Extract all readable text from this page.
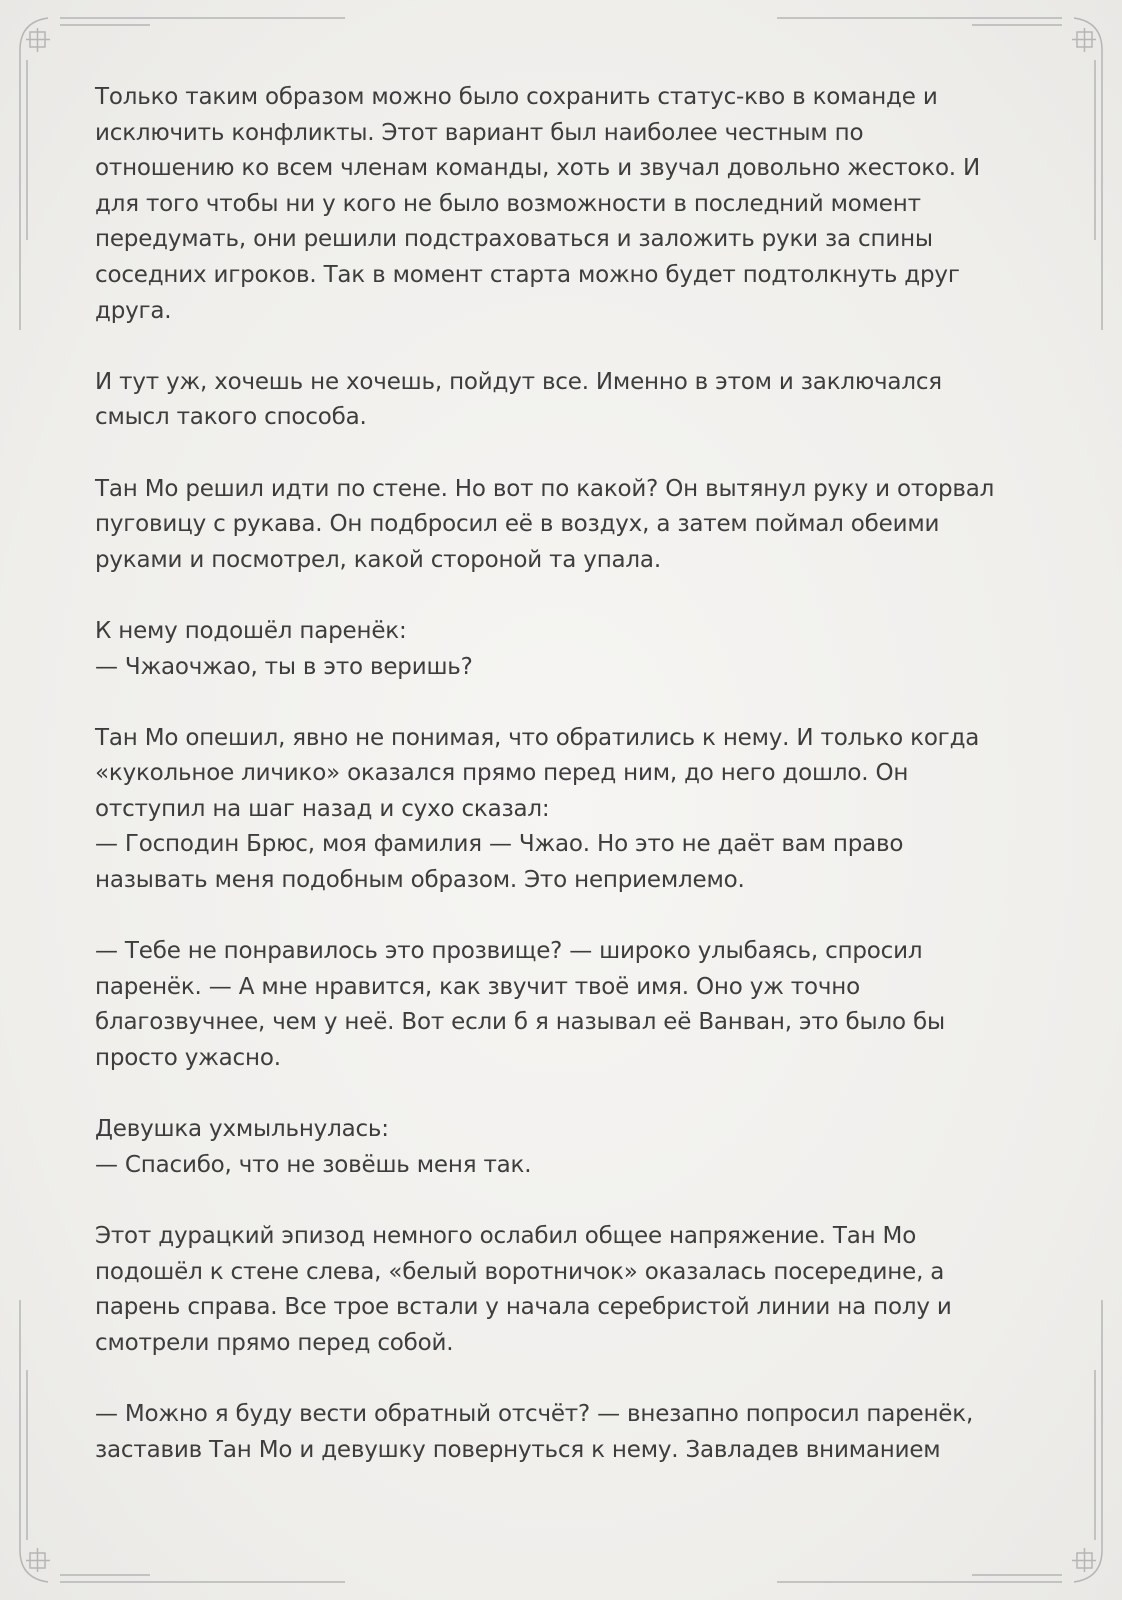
Только таким образом можно было сохранить статус-кво в команде и
исключить конфликты. Этот вариант был наиболее честным по
отношению ко всем членам команды, хоть и звучал довольно жестоко. И
для того чтобы ни у кого не было возможности в последний момент
передумать, они решили подстраховаться и заложить руки за спины
соседних игроков. Так в момент старта можно будет подтолкнуть друг
друга.
И тут уж, хочешь не хочешь, пойдут все. Именно в этом и заключался
смысл такого способа.
Тан Мо решил идти по стене. Но вот по какой? Он вытянул руку и оторвал
пуговицу с рукава. Он подбросил её в воздух, а затем поймал обеими
руками и посмотрел, какой стороной та упала.
К нему подошёл паренёк:
— Чжаочжао, ты в это веришь?
Тан Мо опешил, явно не понимая, что обратились к нему. И только когда
«кукольное личико» оказался прямо перед ним, до него дошло. Он
отступил на шаг назад и сухо сказал:
— Господин Брюс, моя фамилия — Чжао. Но это не даёт вам право
называть меня подобным образом. Это неприемлемо.
— Тебе не понравилось это прозвище? — широко улыбаясь, спросил
паренёк. — А мне нравится, как звучит твоё имя. Оно уж точно
благозвучнее, чем у неё. Вот если б я называл её Ванван, это было бы
просто ужасно.
Девушка ухмыльнулась:
— Спасибо, что не зовёшь меня так.
Этот дурацкий эпизод немного ослабил общее напряжение. Тан Мо
подошёл к стене слева, «белый воротничок» оказалась посередине, а
парень справа. Все трое встали у начала серебристой линии на полу и
смотрели прямо перед собой.
— Можно я буду вести обратный отсчёт? — внезапно попросил паренёк,
заставив Тан Мо и девушку повернуться к нему. Завладев вниманием
